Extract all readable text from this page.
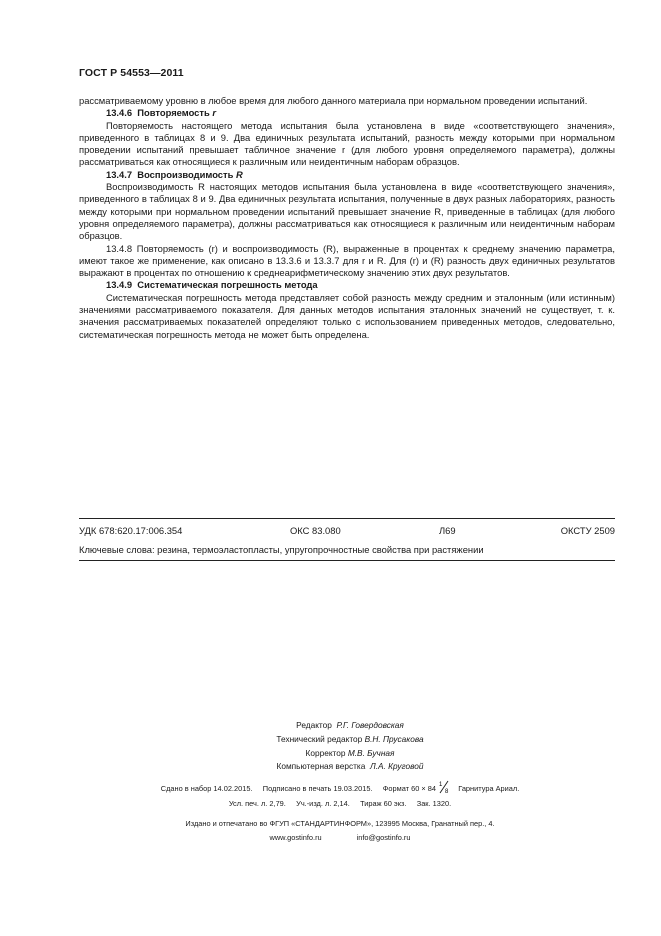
ГОСТ Р 54553—2011

рассматриваемому уровню в любое время для любого данного материала при нормальном проведении испытаний.

13.4.6 Повторяемость r

Повторяемость настоящего метода испытания была установлена в виде «соответствующего значения», приведенного в таблицах 8 и 9. Два единичных результата испытаний, разность между которыми при нормальном проведении испытаний превышает табличное значение r (для любого уровня определяемого параметра), должны рассматриваться как относящиеся к различным или неидентичным наборам образцов.

13.4.7 Воспроизводимость R

Воспроизводимость R настоящих методов испытания была установлена в виде «соответствующего значения», приведенного в таблицах 8 и 9. Два единичных результата испытания, полученные в двух разных лабораториях, разность между которыми при нормальном проведении испытаний превышает значение R, приведенные в таблицах (для любого уровня определяемого параметра), должны рассматриваться как относящиеся к различным или неидентичным наборам образцов.

13.4.8 Повторяемость (r) и воспроизводимость (R), выраженные в процентах к среднему значению параметра, имеют такое же применение, как описано в 13.3.6 и 13.3.7 для r и R. Для (r) и (R) разность двух единичных результатов выражают в процентах по отношению к среднеарифметическому значению этих двух результатов.

13.4.9 Систематическая погрешность метода

Систематическая погрешность метода представляет собой разность между средним и эталонным (или истинным) значениями рассматриваемого показателя. Для данных методов испытания эталонных значений не существует, т. к. значения рассматриваемых показателей определяют только с использованием приведенных методов, следовательно, систематическая погрешность метода не может быть определена.

УДК 678:620.17:006.354	ОКС 83.080	Л69	ОКСТУ 2509
Ключевые слова: резина, термоэластопласты, упругопрочностные свойства при растяжении
Редактор Р.Г. Говердовская
Технический редактор В.Н. Прусакова
Корректор М.В. Бучная
Компьютерная верстка Л.А. Круговой
Сдано в набор 14.02.2015. Подписано в печать 19.03.2015. Формат 60 × 84 1
8 Гарнитура Ариал.
Усл. печ. л. 2,79. Уч.-изд. л. 2,14. Тираж 60 экз. Зак. 1320.
Издано и отпечатано во ФГУП «СТАНДАРТИНФОРМ», 123995 Москва, Гранатный пер., 4.
www.gostinfo.ru	info@gostinfo.ru
